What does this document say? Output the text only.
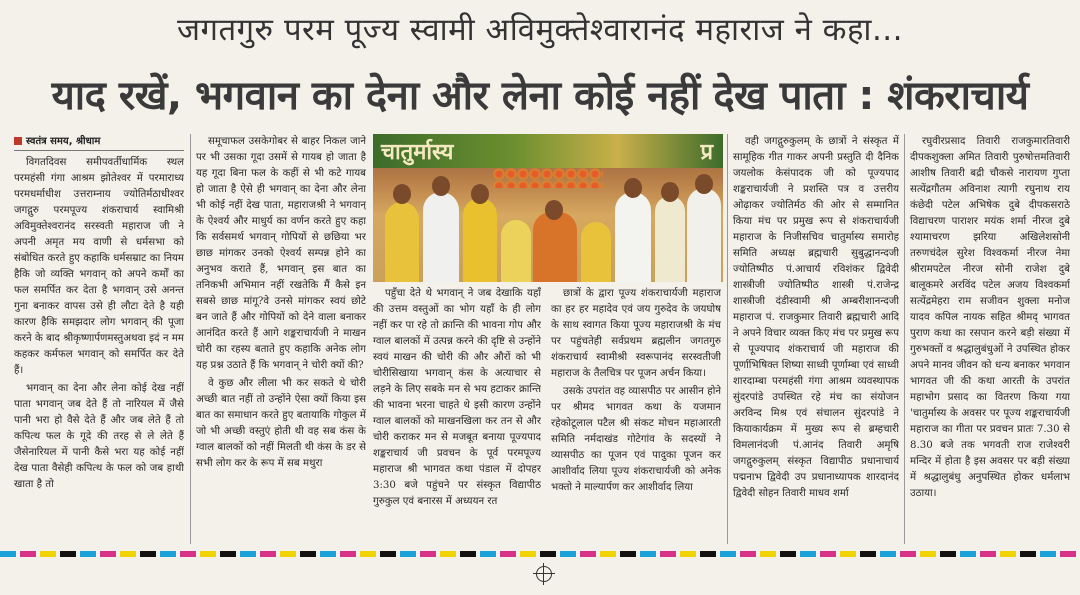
जगतगुरु परम पूज्य स्वामी अविमुक्तेश्वारानंद महाराज ने कहा...
याद रखें, भगवान का देना और लेना कोई नहीं देख पाता : शंकराचार्य
स्वतंत्र समय, श्रीधाम

विगतदिवस समीपवर्तीधार्मिक स्थल परमहंसी गंगा आश्रम झोतेश्वर में परमाराध्य परमधर्माधीश उत्तराम्नाय ज्योतिर्मठाधीश्वर जगद्गुरु परमपूज्य शंकराचार्य स्वामिश्री अविमुक्तेश्वरानंद सरस्वती महाराज जी ने अपनी अमृत मय वाणी से धर्मसभा को संबोधित करते हुए कहाकि धर्मसम्राट का नियम हैकि जो व्यक्ति भगवान् को अपने कर्मों का फल समर्पित कर देता है भगवान् उसे अनन्त गुना बनाकर वापस उसे ही लौटा देते है यही कारण हैकि समझदार लोग भगवान् की पूजा करने के बाद श्रीकृष्णार्पणमस्तुअथवा इदं न मम कहकर कर्मफल भगवान् को समर्पित कर देते हैं।

भगवान् का देना और लेना कोई देख नहीं पाता भगवान् जब देते हैं तो नारियल में जैसे पानी भरा हो वैसे देते हैं और जब लेते हैं तो कपित्थ फल के गूदे की तरह से ले लेते हैं जैसेनारियल में पानी कैसे भरा यह कोई नहीं देख पाता वैसेही कपित्थ के फल को जब हाथी खाता है तो

समूचाफल उसकेगोबर से बाहर निकल जाने पर भी उसका गूदा उसमें से गायब हो जाता है यह गूदा बिना फल के कहीं से भी कटे गायब हो जाता है ऐसे ही भगवान् का देना और लेना भी कोई नहीं देख पाता, महाराजश्री ने भगवान् के ऐश्वर्य और माधुर्य का वर्णन करते हुए कहा कि सर्वसमर्थ भगवान् गोपियों से छछिया भर छाछ मांगकर उनको ऐश्वर्य सम्पन्न होने का अनुभव कराते हैं, भगवान् इस बात का तनिकभी अभिमान नहीं रखतेकि मैं कैसे इन सबसे छाछ मांगू?वे उनसे मांगकर स्वयं छोटे बन जाते हैं और गोपियों को देने वाला बनाकर आनंदित करते हैं आगे शङ्कराचार्यजी ने माखन चोरी का रहस्य बताते हुए कहाकि अनेक लोग यह प्रश्न उठाते हैं कि भगवान् ने चोरी क्यों की?

वे कुछ और लीला भी कर सकते थे चोरी अच्छी बात नहीं तो उन्होंने ऐसा क्यों किया इस बात का समाधान करते हुए बतायाकि गोकुल में जो भी अच्छी वस्तुएं होती थी वह सब कंस के ग्वाल बालकों को नहीं मिलती थी कंस के डर से सभी लोग कर के रूप में सब मथुरा

चातुर्मास्य	प्र

पहुँचा देते थे भगवान् ने जब देखाकि यहाँ की उत्तम वस्तुओं का भोग यहाँ के ही लोग नहीं कर पा रहे तो क्रान्ति की भावना गोप और ग्वाल बालकों में उत्पन्न करने की दृष्टि से उन्होंने स्वयं माखन की चोरी की और औरों को भी चोरीसिखाया भगवान् कंस के अत्याचार से लड़ने के लिए सबके मन से भय हटाकर क्रान्ति की भावना भरना चाहते थे इसी कारण उन्होंने ग्वाल बालकों को माखनखिला कर तन से और चोरी कराकर मन से मजबूत बनाया पूज्यपाद शङ्कराचार्य जी प्रवचन के पूर्व परमपूज्य महाराज श्री भागवत कथा पंडाल में दोपहर 3:30 बजे पहुंचने पर संस्कृत विद्यापीठ गुरुकुल एवं बनारस में अध्ययन रत

छात्रों के द्वारा पूज्य शंकराचार्यजी महाराज का हर हर महादेव एवं जय गुरुदेव के जयघोष के साथ स्वागत किया पूज्य महाराजश्री के मंच पर पहुंचतेही सर्वप्रथम ब्रह्मलीन जगतगुरु शंकराचार्य स्वामीश्री स्वरूपानंद सरस्वतीजी महाराज के तैलचित्र पर पूजन अर्चन किया।

उसके उपरांत वह व्यासपीठ पर आसीन होने पर श्रीमद भागवत कथा के यजमान रहेकोटूलाल पटैल श्री संकट मोचन महाआरती समिति नर्मदाखंड गोटेगांव के सदस्यों ने व्यासपीठ का पूजन एवं पादुका पूजन कर आशीर्वाद लिया पूज्य शंकराचार्यजी को अनेक भक्तो ने माल्यार्पण कर आशीर्वाद लिया

वही जगद्गुरुकुलम् के छात्रों ने संस्कृत में सामूहिक गीत गाकर अपनी प्रस्तुति दी दैनिक जयलोक केसंपादक जी को पूज्यपाद शङ्कराचार्यजी ने प्रशस्ति पत्र व उत्तरीय ओढ़ाकर ज्योतिर्मठ की ओर से सम्मानित किया मंच पर प्रमुख रूप से शंकराचार्यजी महाराज के निजीसचिव चातुर्मास्य समारोह समिति अध्यक्ष ब्रह्मचारी सुबुद्धानन्दजी ज्योतिष्पीठ पं.आचार्य रविशंकर द्विवेदी शास्त्रीजी ज्योतिष्पीठ शास्त्री पं.राजेन्द्र शास्त्रीजी दंडीस्वामी श्री अम्बरीशानन्दजी महाराज पं. राजकुमार तिवारी ब्रह्मचारी आदि ने अपने विचार व्यक्त किए मंच पर प्रमुख रूप से पूज्यपाद शंकराचार्य जी महाराज की पूर्णाभिषिक्त शिष्या साध्वी पूर्णाम्बा एवं साध्वी शारदाम्बा परमहंसी गंगा आश्रम व्यवस्थापक सुंदरपांडे उपस्थित रहे मंच का संयोजन अरविन्द मिश्र एवं संचालन सुंदरपांडे ने कियाकार्यक्रम में मुख्य रूप से ब्रम्हचारी विमलानंदजी पं.आनंद तिवारी अमृषि जगद्गुरुकुलम् संस्कृत विद्यापीठ प्रधानाचार्य पद्मनाभ द्विवेदी उप प्रधानाध्यापक शारदानंद द्विवेदी सोहन तिवारी माधव शर्मा

रघुवीरप्रसाद तिवारी राजकुमारतिवारी दीपकशुक्ला अमित तिवारी पुरुषोत्तमतिवारी आशीष तिवारी बद्री चौकसे नारायण गुप्ता सत्येंद्रगौतम अविनाश त्यागी रघुनाथ राय कंछेदी पटेल अभिषेक दुबे दीपकसराठे विद्याचरण पाराशर मयंक शर्मा नीरज दुबे श्यामाचरण झरिया अखिलेशसोनी तरुणचंदेल सुरेश विश्वकर्मा नीरज नेमा श्रीरामपटेल नीरज सोनी राजेश दुबे बालूकमरे अरविंद पटेल अजय विश्वकर्मा सत्येंद्रमेहरा राम सजीवन शुक्ला मनोज यादव कपिल नायक सहित श्रीमद् भागवत पुराण कथा का रसपान करने बड़ी संख्या में गुरुभक्तों व श्रद्धालुबंधुओं ने उपस्थित होकर अपने मानव जीवन को धन्य बनाकर भगवान भागवत जी की कथा आरती के उपरांत महाभोग प्रसाद का वितरण किया गया 'चातुर्मास्य के अवसर पर पूज्य शङ्कराचार्यजी महाराज का गीता पर प्रवचन प्रातः 7.30 से 8.30 बजे तक भगवती राज राजेश्वरी मन्दिर में होता है इस अवसर पर बड़ी संख्या में श्रद्धालुबंधु अनुपस्थित होकर धर्मलाभ उठाया।
